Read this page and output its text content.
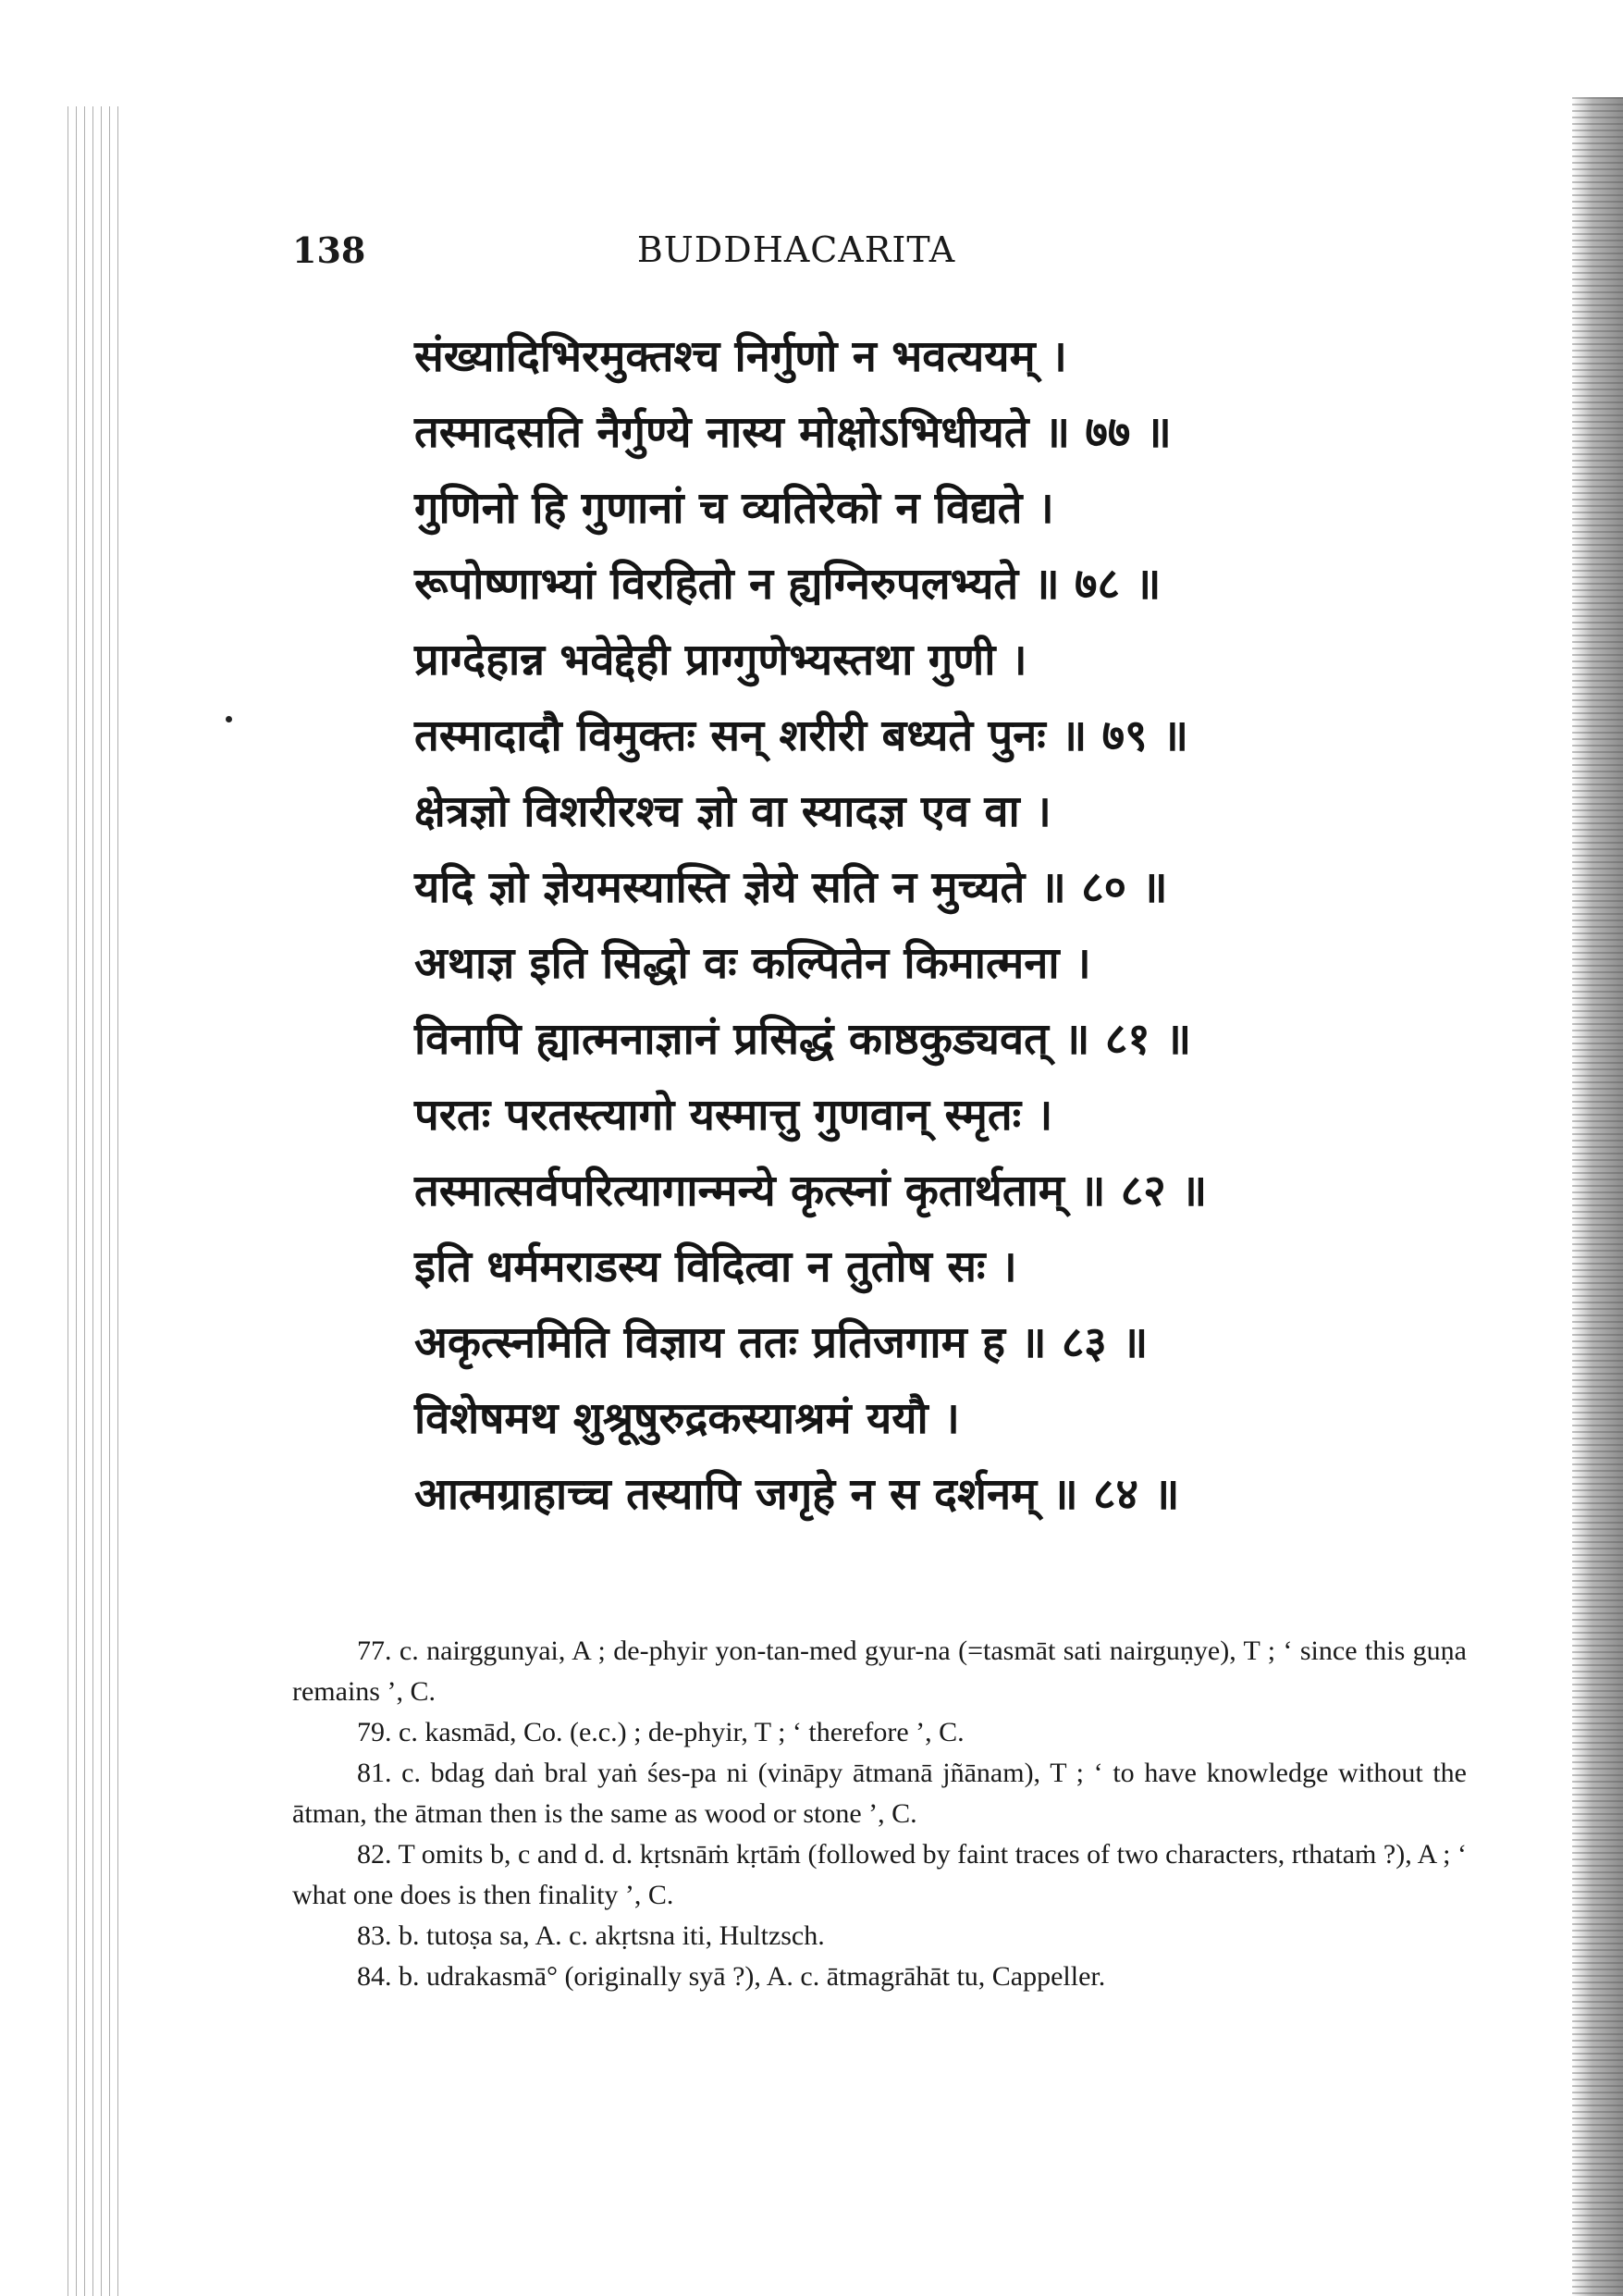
138	BUDDHACARITA
संख्यादिभिरमुक्तश्च निर्गुणो न भवत्ययम् ।
तस्मादसति नैर्गुण्ये नास्य मोक्षोऽभिधीयते ॥ ७७ ॥
गुणिनो हि गुणानां च व्यतिरेको न विद्यते ।
रूपोष्णाभ्यां विरहितो न ह्यग्निरुपलभ्यते ॥ ७८ ॥
प्राग्देहान्न भवेद्देही प्राग्गुणेभ्यस्तथा गुणी ।
तस्मादादौ विमुक्तः सन् शरीरी बध्यते पुनः ॥ ७९ ॥
क्षेत्रज्ञो विशरीरश्च ज्ञो वा स्यादज्ञ एव वा ।
यदि ज्ञो ज्ञेयमस्यास्ति ज्ञेये सति न मुच्यते ॥ ८० ॥
अथाज्ञ इति सिद्धो वः कल्पितेन किमात्मना ।
विनापि ह्यात्मनाज्ञानं प्रसिद्धं काष्ठकुड्यवत् ॥ ८१ ॥
परतः परतस्त्यागो यस्मात्तु गुणवान् स्मृतः ।
तस्मात्सर्वपरित्यागान्मन्ये कृत्स्नां कृतार्थताम् ॥ ८२ ॥
इति धर्ममराडस्य विदित्वा न तुतोष सः ।
अकृत्स्नमिति विज्ञाय ततः प्रतिजगाम ह ॥ ८३ ॥
विशेषमथ शुश्रूषुरुद्रकस्याश्रमं ययौ ।
आत्मग्राहाच्च तस्यापि जगृहे न स दर्शनम् ॥ ८४ ॥
77. c. nairggunyai, A ; de-phyir yon-tan-med gyur-na (=tasmāt sati nairguṇye), T ; ‘ since this guṇa remains ’, C.
79. c. kasmād, Co. (e.c.) ; de-phyir, T ; ‘ therefore ’, C.
81. c. bdag daṅ bral yaṅ śes-pa ni (vināpy ātmanā jñānam), T ; ‘ to have knowledge without the ātman, the ātman then is the same as wood or stone ’, C.
82. T omits b, c and d. d. kṛtsnāṁ kṛtāṁ (followed by faint traces of two characters, rthataṁ ?), A ; ‘ what one does is then finality ’, C.
83. b. tutoṣa sa, A. c. akṛtsna iti, Hultzsch.
84. b. udrakasmā° (originally syā ?), A. c. ātmagrāhāt tu, Cappeller.
